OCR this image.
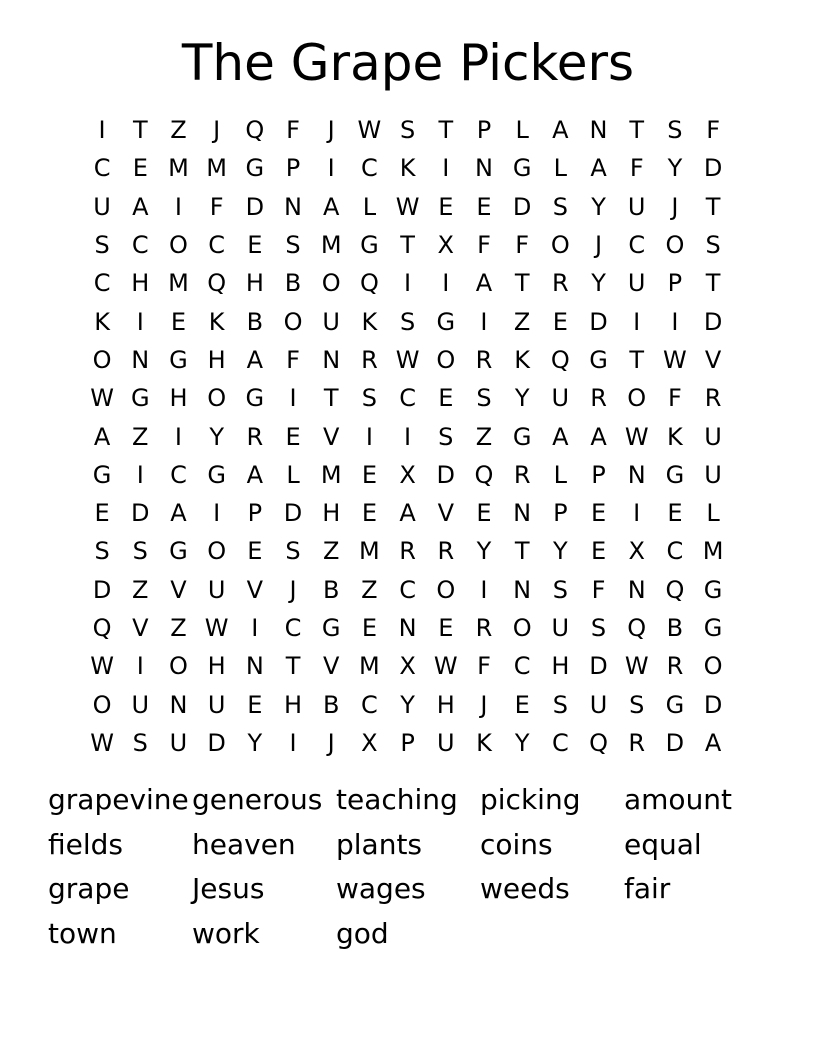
The Grape Pickers
I	T Z	J	Q F	J W S T P	L A N T S F
C E M M G P	I	C K	I	N G L A F Y D
U A	I	F D N A L W E E D S Y U	J	T
S C O C E S M G T X F	F O	J	C O S
C H M Q H B O Q	I	I	A T R Y U P T
K	I	E K B O U K S G	I	Z E D	I	I	D
O N G H A F N R W O R K Q G T W V
W G H O G	I	T S C E S Y U R O F R
A Z	I	Y R E V	I	I	S Z G A A W K U
G	I	C G A L M E X D Q R L	P N G U
E D A	I	P D H E A V E N P E	I	E L
S S G O E S Z M R R Y T Y E X C M
D Z V U V	J	B Z C O	I	N S F N Q G
Q V Z W I	C G E N E R O U S Q B G
W I	O H N T V M X W F C H D W R O
O U N U E H B C Y H	J	E S U S G D
W S U D Y	I	J	X P U K Y C Q R D A
grapevine generous teaching picking	amount
fields	heaven	plants	coins	equal
grape	Jesus	wages	weeds	fair
town	work	god
